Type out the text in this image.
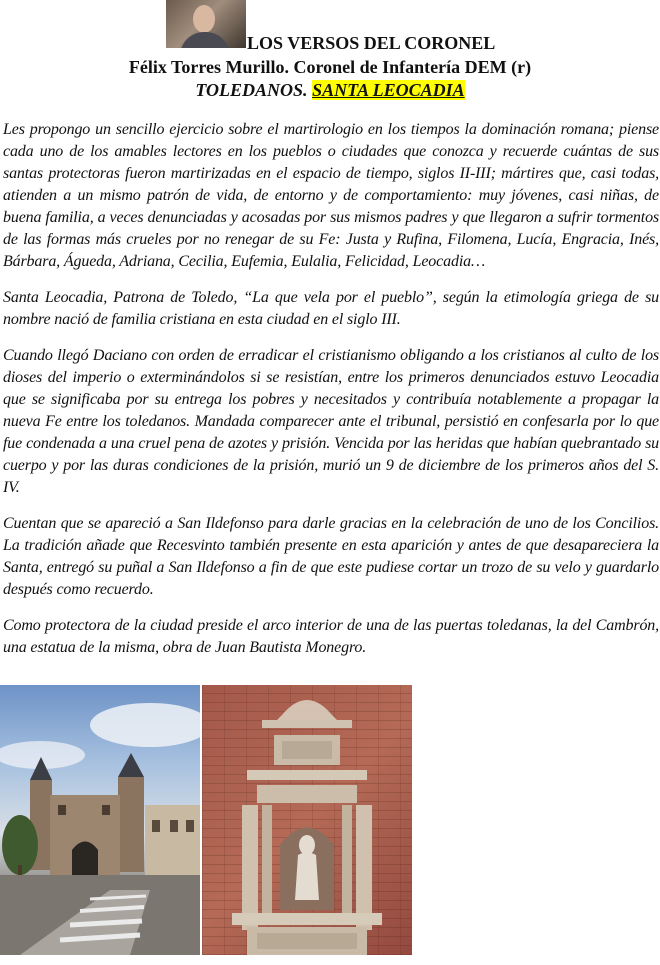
LOS VERSOS DEL CORONEL
Félix Torres Murillo. Coronel de Infantería DEM (r)
TOLEDANOS. SANTA LEOCADIA

Les propongo un sencillo ejercicio sobre el martirologio en los tiempos la dominación romana; piense cada uno de los amables lectores en los pueblos o ciudades que conozca y recuerde cuántas de sus santas protectoras fueron martirizadas en el espacio de tiempo, siglos II-III; mártires que, casi todas, atienden a un mismo patrón de vida, de entorno y de comportamiento: muy jóvenes, casi niñas, de buena familia, a veces denunciadas y acosadas por sus mismos padres y que llegaron a sufrir tormentos de las formas más crueles por no renegar de su Fe: Justa y Rufina, Filomena, Lucía, Engracia, Inés, Bárbara, Águeda, Adriana, Cecilia, Eufemia, Eulalia, Felicidad, Leocadia…

Santa Leocadia, Patrona de Toledo, “La que vela por el pueblo”, según la etimología griega de su nombre nació de familia cristiana en esta ciudad en el siglo III.

Cuando llegó Daciano con orden de erradicar el cristianismo obligando a los cristianos al culto de los dioses del imperio o exterminándolos si se resistían, entre los primeros denunciados estuvo Leocadia que se significaba por su entrega los pobres y necesitados y contribuía notablemente a propagar la nueva Fe entre los toledanos. Mandada comparecer ante el tribunal, persistió en confesarla por lo que fue condenada a una cruel pena de azotes y prisión. Vencida por las heridas que habían quebrantado su cuerpo y por las duras condiciones de la prisión, murió un 9 de diciembre de los primeros años del S. IV.

Cuentan que se apareció a San Ildefonso para darle gracias en la celebración de uno de los Concilios. La tradición añade que Recesvinto también presente en esta aparición y antes de que desapareciera la Santa, entregó su puñal a San Ildefonso a fin de que este pudiese cortar un trozo de su velo y guardarlo después como recuerdo.

Como protectora de la ciudad preside el arco interior de una de las puertas toledanas, la del Cambrón, una estatua de la misma, obra de Juan Bautista Monegro.
